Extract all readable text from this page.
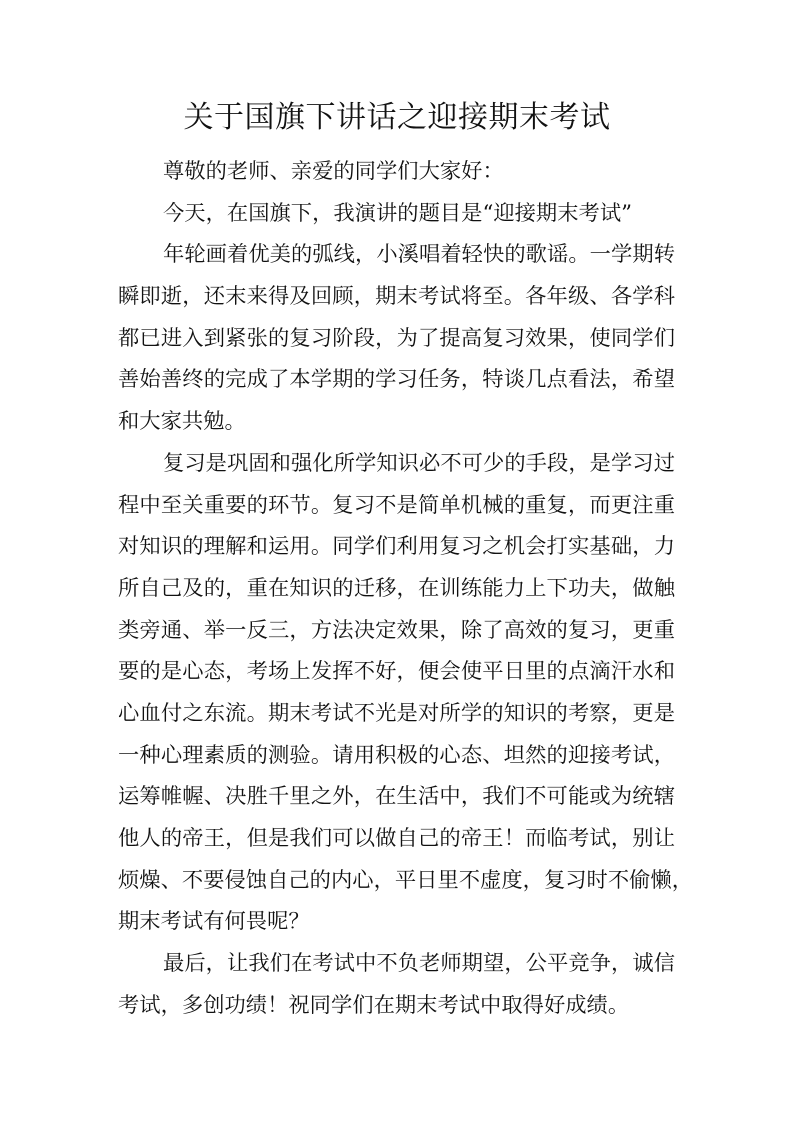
关于国旗下讲话之迎接期末考试
尊敬的老师、亲爱的同学们大家好：
今天，在国旗下，我演讲的题目是“迎接期末考试”
年轮画着优美的弧线，小溪唱着轻快的歌谣。一学期转
瞬即逝，还末来得及回顾，期末考试将至。各年级、各学科
都已进入到紧张的复习阶段，为了提高复习效果，使同学们
善始善终的完成了本学期的学习任务，特谈几点看法，希望
和大家共勉。
复习是巩固和强化所学知识必不可少的手段，是学习过
程中至关重要的环节。复习不是简单机械的重复，而更注重
对知识的理解和运用。同学们利用复习之机会打实基础，力
所自己及的，重在知识的迁移，在训练能力上下功夫，做触
类旁通、举一反三，方法决定效果，除了高效的复习，更重
要的是心态，考场上发挥不好，便会使平日里的点滴汗水和
心血付之东流。期末考试不光是对所学的知识的考察，更是
一种心理素质的测验。请用积极的心态、坦然的迎接考试，
运筹帷幄、决胜千里之外，在生活中，我们不可能或为统辖
他人的帝王，但是我们可以做自己的帝王！而临考试，别让
烦燥、不要侵蚀自己的内心，平日里不虚度，复习时不偷懒，
期末考试有何畏呢？
最后，让我们在考试中不负老师期望，公平竞争，诚信
考试，多创功绩！祝同学们在期末考试中取得好成绩。
